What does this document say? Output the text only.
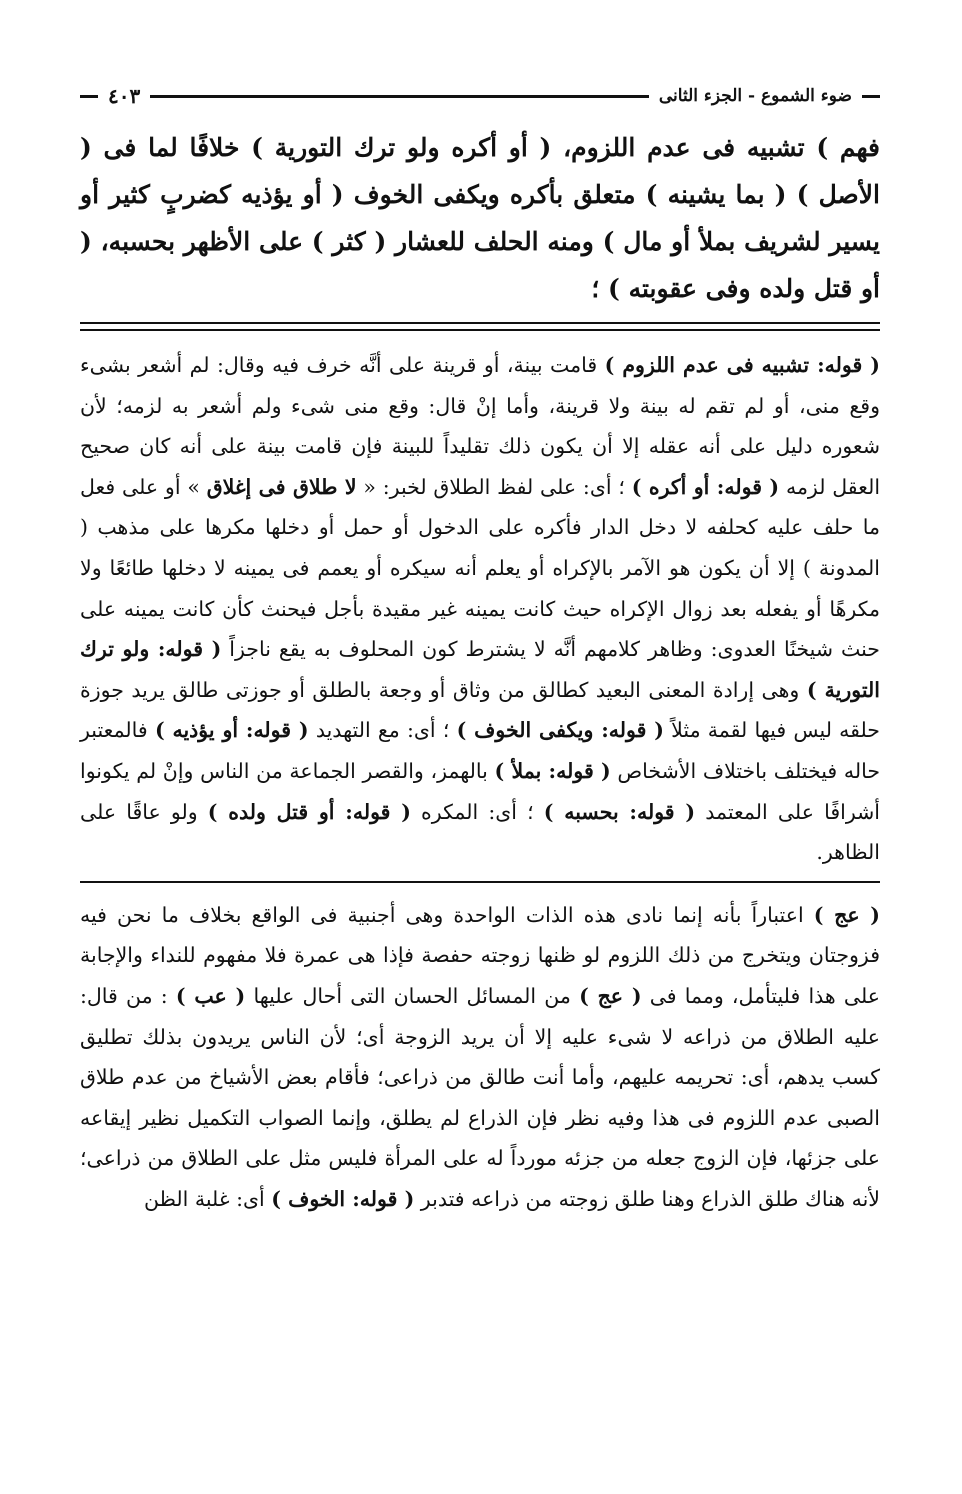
ضوء الشموع - الجزء الثانى
٤٠٣

فهم ) تشبيه فى عدم اللزوم، ( أو أكره ولو ترك التورية ) خلافًا لما فى ( الأصل ) ( بما يشينه ) متعلق بأكره ويكفى الخوف ( أو يؤذيه كضربٍ كثير أو يسير لشريف بملأ أو مال ) ومنه الحلف للعشار ( كثر ) على الأظهر بحسبه، ( أو قتل ولده وفى عقوبته ) ؛

( قوله: تشبيه فى عدم اللزوم ) قامت بينة، أو قرينة على أنَّه خرف فيه وقال: لم أشعر بشىء وقع منى، أو لم تقم له بينة ولا قرينة، وأما إنْ قال: وقع منى شىء ولم أشعر به لزمه؛ لأن شعوره دليل على أنه عقله إلا أن يكون ذلك تقليداً للبينة فإن قامت بينة على أنه كان صحيح العقل لزمه ( قوله: أو أكره ) ؛ أى: على لفظ الطلاق لخبر: « لا طلاق فى إغلاق » أو على فعل ما حلف عليه كحلفه لا دخل الدار فأكره على الدخول أو حمل أو دخلها مكرها على مذهب ( المدونة ) إلا أن يكون هو الآمر بالإكراه أو يعلم أنه سيكره أو يعمم فى يمينه لا دخلها طائعًا ولا مكرهًا أو يفعله بعد زوال الإكراه حيث كانت يمينه غير مقيدة بأجل فيحنث كأن كانت يمينه على حنث شيخنًا العدوى: وظاهر كلامهم أنَّه لا يشترط كون المحلوف به يقع ناجزاً ( قوله: ولو ترك التورية ) وهى إرادة المعنى البعيد كطالق من وثاق أو وجعة بالطلق أو جوزتى طالق يريد جوزة حلقه ليس فيها لقمة مثلاً ( قوله: ويكفى الخوف ) ؛ أى: مع التهديد ( قوله: أو يؤذيه ) فالمعتبر حاله فيختلف باختلاف الأشخاص ( قوله: بملأ ) بالهمز، والقصر الجماعة من الناس وإنْ لم يكونوا أشرافًا على المعتمد ( قوله: بحسبه ) ؛ أى: المكره ( قوله: أو قتل ولده ) ولو عاقًا على الظاهر.

( عج ) اعتباراً بأنه إنما نادى هذه الذات الواحدة وهى أجنبية فى الواقع بخلاف ما نحن فيه فزوجتان ويتخرج من ذلك اللزوم لو ظنها زوجته حفصة فإذا هى عمرة فلا مفهوم للنداء والإجابة على هذا فليتأمل، ومما فى ( عج ) من المسائل الحسان التى أحال عليها ( عب ) : من قال: عليه الطلاق من ذراعه لا شىء عليه إلا أن يريد الزوجة أى؛ لأن الناس يريدون بذلك تطليق كسب يدهم، أى: تحريمه عليهم، وأما أنت طالق من ذراعى؛ فأقام بعض الأشياخ من عدم طلاق الصبى عدم اللزوم فى هذا وفيه نظر فإن الذراع لم يطلق، وإنما الصواب التكميل نظير إيقاعه على جزئها، فإن الزوج جعله من جزئه مورداً له على المرأة فليس مثل على الطلاق من ذراعى؛ لأنه هناك طلق الذراع وهنا طلق زوجته من ذراعه فتدبر ( قوله: الخوف ) أى: غلبة الظن
